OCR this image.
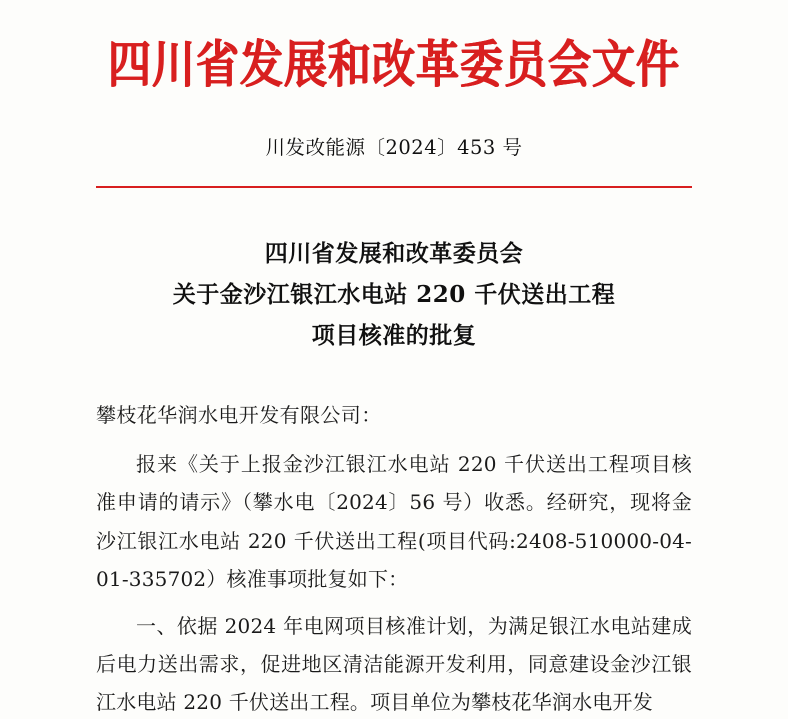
四川省发展和改革委员会文件
川发改能源〔2024〕453 号
四川省发展和改革委员会
关于金沙江银江水电站 220 千伏送出工程
项目核准的批复
攀枝花华润水电开发有限公司：
报来《关于上报金沙江银江水电站 220 千伏送出工程项目核准申请的请示》（攀水电〔2024〕56 号）收悉。经研究，现将金沙江银江水电站 220 千伏送出工程(项目代码:2408-510000-04-01-335702）核准事项批复如下：
一、依据 2024 年电网项目核准计划，为满足银江水电站建成后电力送出需求，促进地区清洁能源开发利用，同意建设金沙江银江水电站 220 千伏送出工程。项目单位为攀枝花华润水电开发
